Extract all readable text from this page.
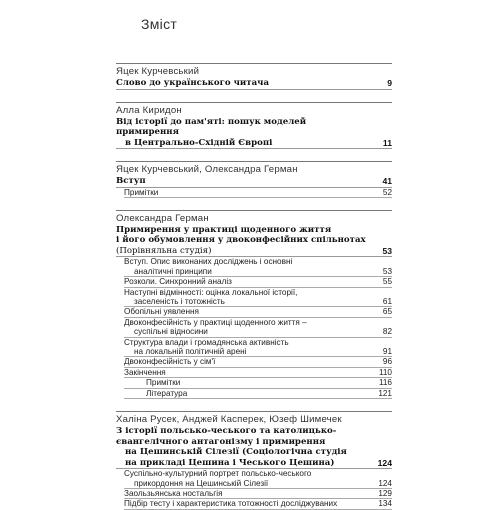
Зміст
Яцек Курчевський
Слово до українського читача	9
Алла Киридон
Від історії до пам'яті: пошук моделей примирення
в Центрально-Східній Європі	11
Яцек Курчевський, Олександра Герман
Вступ	41
Примітки	52
Олександра Герман
Примирення у практиці щоденного життя
і його обумовлення у двоконфесійних спільнотах
(Порівняльна студія)	53
Вступ. Опис виконаних досліджень і основні
аналітичні принципи	53
Розколи. Синхронний аналіз	55
Наступні відмінності: оцінка локальної історії,
заселеність і тотожність	61
Обопільні уявлення	65
Двоконфесійність у практиці щоденного життя –
суспільні відносини	82
Структура влади і громадянська активність
на локальній політичній арені	91
Двоконфесійність у сім'ї	96
Закінчення	110
Примітки	116
Література	121
Халіна Русек, Анджей Касперек, Юзеф Шимечек
З історії польсько-чеського та католицько-
євангелічного антагонізму і примирення
на Цешинській Сілезії (Соціологічна студія
на прикладі Цешина і Чеського Цешина)	124
Суспільно-культурний портрет польсько-чеського
прикордоння на Цешинській Сілезії	124
Заользьянська ностальгія	129
Підбір тесту і характеристика тотожності досліджуваних	134
